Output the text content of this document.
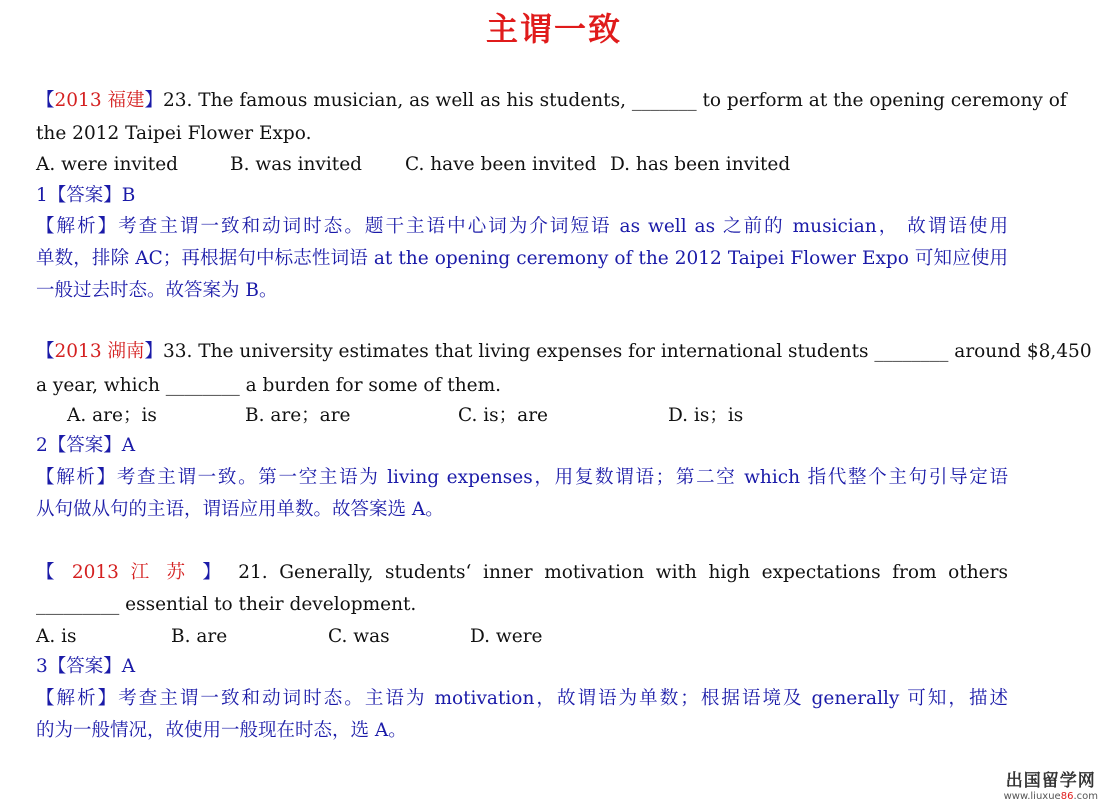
主谓一致
【2013 福建】23. The famous musician, as well as his students, _______ to perform at the opening ceremony of
the 2012 Taipei Flower Expo.
A. were invited	B. was invited C. have been invited D. has been invited
1【答案】B
【解析】考查主谓一致和动词时态。题干主语中心词为介词短语 as well as 之前的 musician， 故谓语使用
单数，排除 AC；再根据句中标志性词语 at the opening ceremony of the 2012 Taipei Flower Expo 可知应使用
一般过去时态。故答案为 B。
【2013 湖南】33. The university estimates that living expenses for international students ________ around $8,450
a year, which ________ a burden for some of them.
A. are；is	B. are；are	C. is；are	D. is；is
2【答案】A
【解析】考查主谓一致。第一空主语为 living expenses，用复数谓语；第二空 which 指代整个主句引导定语
从句做从句的主语，谓语应用单数。故答案选 A。
【 2013 江 苏 】 21. Generally, students‘ inner motivation with high expectations from others
_________ essential to their development.
A. is	B. are	C. was	D. were
3【答案】A
【解析】考查主谓一致和动词时态。主语为 motivation，故谓语为单数；根据语境及 generally 可知，描述
的为一般情况，故使用一般现在时态，选 A。
出国留学网
www.liuxue86.com
